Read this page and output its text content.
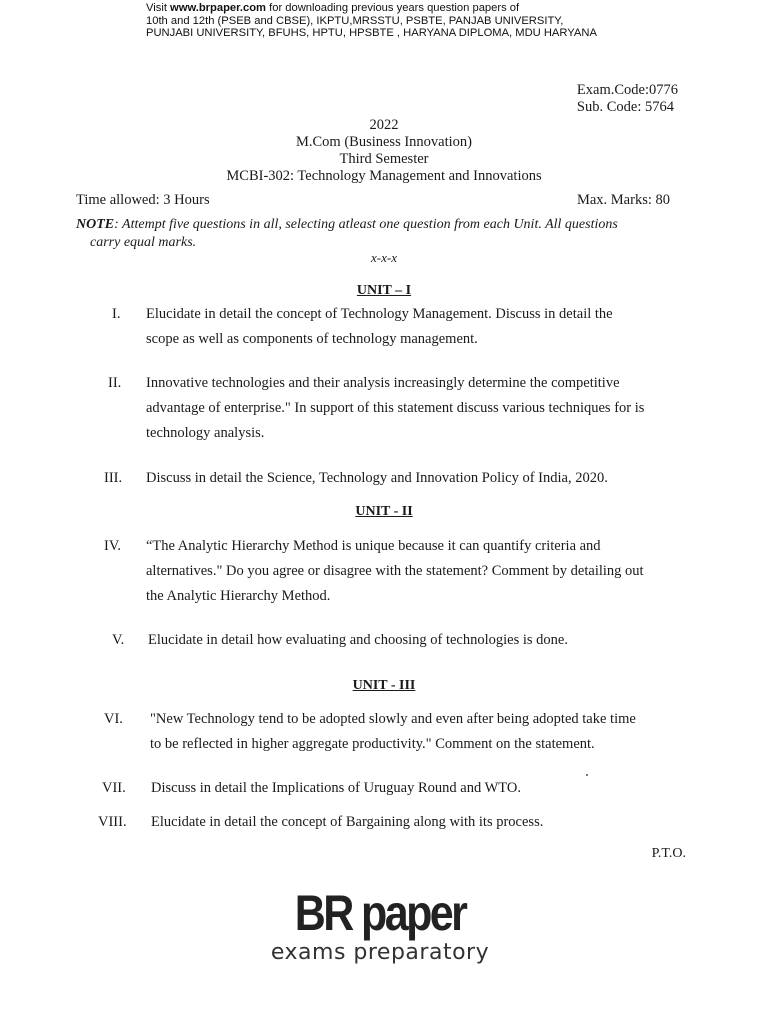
Visit www.brpaper.com for downloading previous years question papers of
10th and 12th (PSEB and CBSE), IKPTU,MRSSTU, PSBTE, PANJAB UNIVERSITY,
PUNJABI UNIVERSITY, BFUHS, HPTU, HPSBTE , HARYANA DIPLOMA, MDU HARYANA
Exam.Code:0776
Sub. Code: 5764
2022
M.Com (Business Innovation)
Third Semester
MCBI-302: Technology Management and Innovations
Time allowed: 3 Hours	Max. Marks: 80
NOTE: Attempt five questions in all, selecting atleast one question from each Unit. All questions
carry equal marks.
x-x-x
UNIT – I
UNIT - II
UNIT - III
I. Elucidate in detail the concept of Technology Management. Discuss in detail the
scope as well as components of technology management.
II. Innovative technologies and their analysis increasingly determine the competitive
advantage of enterprise." In support of this statement discuss various techniques for is
technology analysis.
III. Discuss in detail the Science, Technology and Innovation Policy of India, 2020.
IV. “The Analytic Hierarchy Method is unique because it can quantify criteria and
alternatives." Do you agree or disagree with the statement? Comment by detailing out
the Analytic Hierarchy Method.
V. Elucidate in detail how evaluating and choosing of technologies is done.
VI. "New Technology tend to be adopted slowly and even after being adopted take time
to be reflected in higher aggregate productivity." Comment on the statement.
VII. Discuss in detail the Implications of Uruguay Round and WTO.
VIII. Elucidate in detail the concept of Bargaining along with its process.
P.T.O.
BR paper
exams preparatory
